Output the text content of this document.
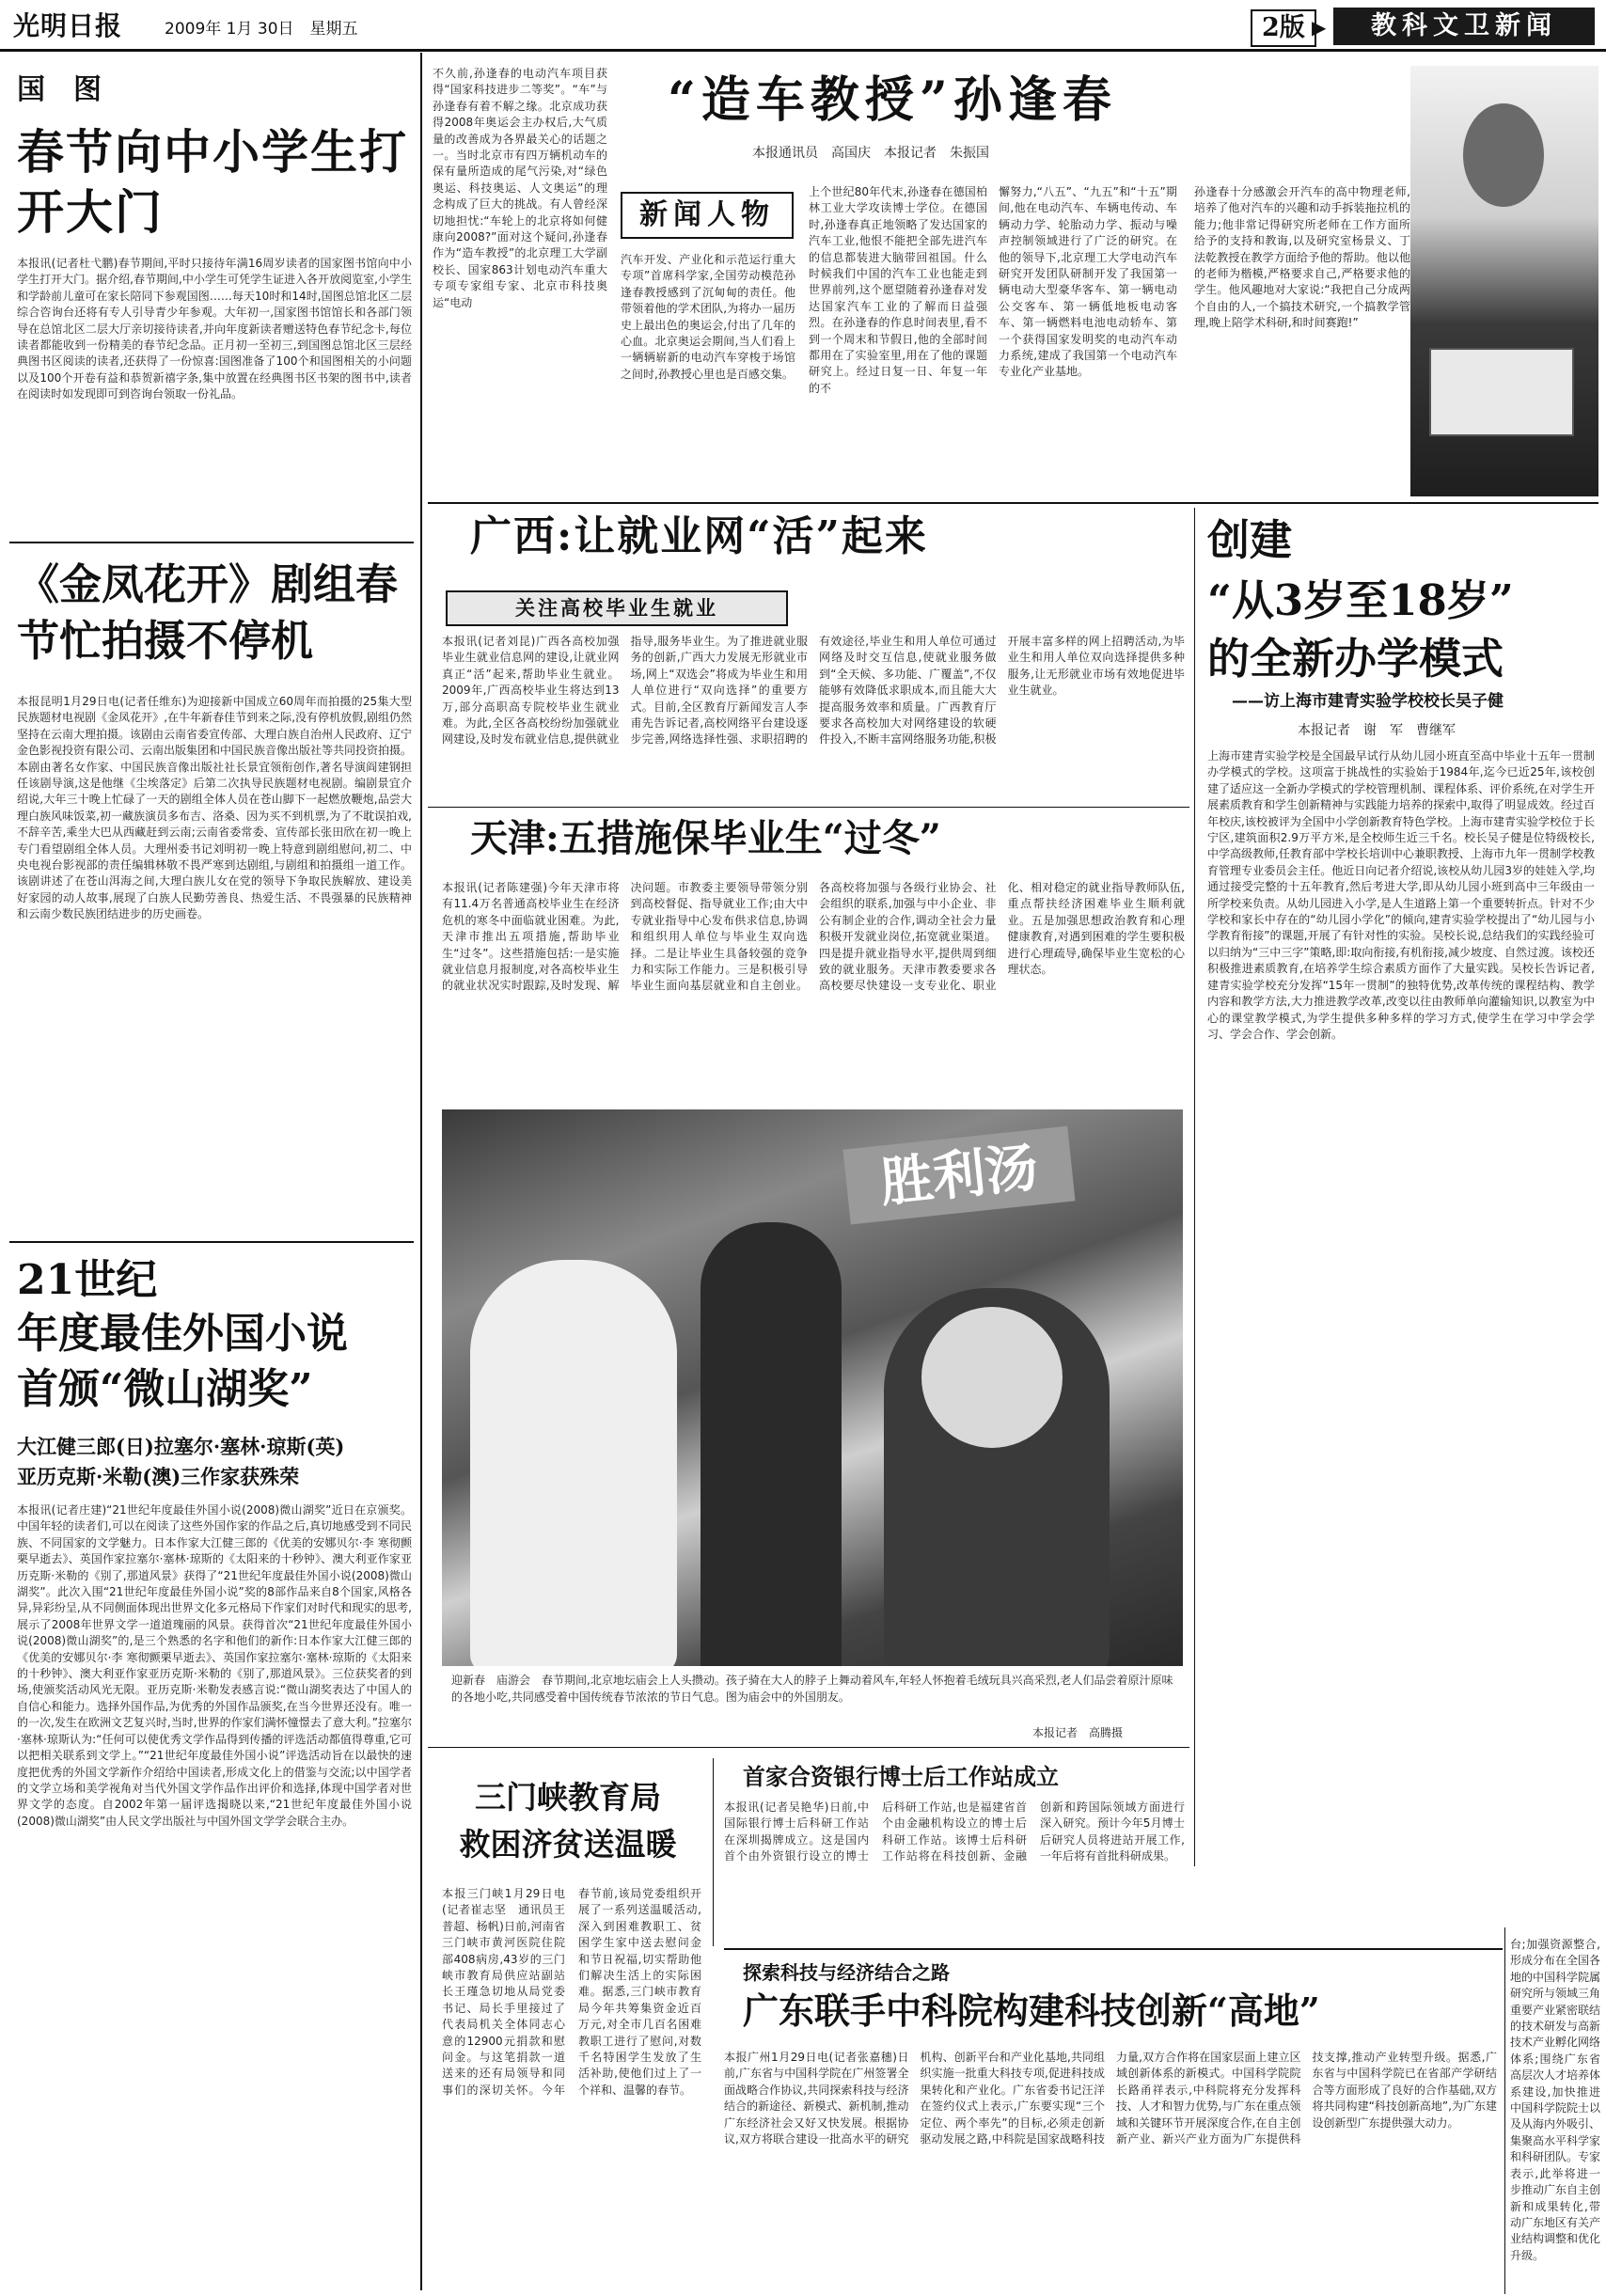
光明日报	2009年 1月 30日　星期五	2版 ▶	教科文卫新闻
国　图
春节向中小学生打开大门
本报讯(记者杜弋鹏)春节期间,平时只接待年满16周岁读者的国家图书馆向中小学生打开大门。据介绍,春节期间,中小学生可凭学生证进入各开放阅览室,小学生和学龄前儿童可在家长陪同下参观国图……每天10时和14时,国图总馆北区二层综合咨询台还将有专人引导青少年参观。大年初一,国家图书馆馆长和各部门领导在总馆北区二层大厅亲切接待读者,并向年度新读者赠送特色春节纪念卡,每位读者都能收到一份精美的春节纪念品。正月初一至初三,到国图总馆北区三层经典图书区阅读的读者,还获得了一份惊喜:国图准备了100个和国图相关的小问题以及100个开卷有益和恭贺新禧字条,集中放置在经典图书区书架的图书中,读者在阅读时如发现即可到咨询台领取一份礼品。
《金凤花开》剧组春节忙拍摄不停机
本报昆明1月29日电(记者任维东)为迎接新中国成立60周年而拍摄的25集大型民族题材电视剧《金凤花开》,在牛年新春佳节到来之际,没有停机放假,剧组仍然坚持在云南大理拍摄。该剧由云南省委宣传部、大理白族自治州人民政府、辽宁金色影视投资有限公司、云南出版集团和中国民族音像出版社等共同投资拍摄。本剧由著名女作家、中国民族音像出版社社长景宜领衔创作,著名导演阎建钢担任该剧导演,这是他继《尘埃落定》后第二次执导民族题材电视剧。编剧景宜介绍说,大年三十晚上忙碌了一天的剧组全体人员在苍山脚下一起燃放鞭炮,品尝大理白族风味饭菜,初一藏族演员多布吉、洛桑、因为买不到机票,为了不耽误拍戏,不辞辛苦,乘坐大巴从西藏赶到云南;云南省委常委、宣传部长张田欣在初一晚上专门看望剧组全体人员。大理州委书记刘明初一晚上特意到剧组慰问,初二、中央电视台影视部的责任编辑林敬不畏严寒到达剧组,与剧组和拍摄组一道工作。该剧讲述了在苍山洱海之间,大理白族儿女在党的领导下争取民族解放、建设美好家园的动人故事,展现了白族人民勤劳善良、热爱生活、不畏强暴的民族精神和云南少数民族团结进步的历史画卷。
21世纪
年度最佳外国小说
首颁“微山湖奖”
大江健三郎(日)拉塞尔·塞林·琼斯(英)
亚历克斯·米勒(澳)三作家获殊荣
本报讯(记者庄建)“21世纪年度最佳外国小说(2008)微山湖奖”近日在京颁奖。中国年轻的读者们,可以在阅读了这些外国作家的作品之后,真切地感受到不同民族、不同国家的文学魅力。日本作家大江健三郎的《优美的安娜贝尔·李 寒彻颤栗早逝去》、英国作家拉塞尔·塞林·琼斯的《太阳来的十秒钟》、澳大利亚作家亚历克斯·米勒的《别了,那道风景》获得了“21世纪年度最佳外国小说(2008)微山湖奖”。此次入围“21世纪年度最佳外国小说”奖的8部作品来自8个国家,风格各异,异彩纷呈,从不同侧面体现出世界文化多元格局下作家们对时代和现实的思考,展示了2008年世界文学一道道瑰丽的风景。获得首次“21世纪年度最佳外国小说(2008)微山湖奖”的,是三个熟悉的名字和他们的新作:日本作家大江健三郎的《优美的安娜贝尔·李 寒彻颤栗早逝去》、英国作家拉塞尔·塞林·琼斯的《太阳来的十秒钟》、澳大利亚作家亚历克斯·米勒的《别了,那道风景》。三位获奖者的到场,使颁奖活动风光无限。亚历克斯·米勒发表感言说:“微山湖奖表达了中国人的自信心和能力。选择外国作品,为优秀的外国作品颁奖,在当今世界还没有。唯一的一次,发生在欧洲文艺复兴时,当时,世界的作家们满怀憧憬去了意大利。”拉塞尔·塞林·琼斯认为:“任何可以使优秀文学作品得到传播的评选活动都值得尊重,它可以把相关联系到文学上。”“21世纪年度最佳外国小说”评选活动旨在以最快的速度把优秀的外国文学新作介绍给中国读者,形成文化上的借鉴与交流;以中国学者的文学立场和美学视角对当代外国文学作品作出评价和选择,体现中国学者对世界文学的态度。自2002年第一届评选揭晓以来,“21世纪年度最佳外国小说(2008)微山湖奖”由人民文学出版社与中国外国文学学会联合主办。
不久前,孙逢春的电动汽车项目获得“国家科技进步二等奖”。“车”与孙逢春有着不解之缘。北京成功获得2008年奥运会主办权后,大气质量的改善成为各界最关心的话题之一。当时北京市有四万辆机动车的保有量所造成的尾气污染,对“绿色奥运、科技奥运、人文奥运”的理念构成了巨大的挑战。有人曾经深切地担忧:“车轮上的北京将如何健康向2008?”面对这个疑问,孙逢春作为“造车教授”的北京理工大学副校长、国家863计划电动汽车重大专项专家组专家、北京市科技奥运“电动
“造车教授”孙逢春
本报通讯员　高国庆　本报记者　朱振国
新闻人物
汽车开发、产业化和示范运行重大专项”首席科学家,全国劳动模范孙逢春教授感到了沉甸甸的责任。他带领着他的学术团队,为将办一届历史上最出色的奥运会,付出了几年的心血。北京奥运会期间,当人们看上一辆辆崭新的电动汽车穿梭于场馆之间时,孙教授心里也是百感交集。
上个世纪80年代末,孙逢春在德国柏林工业大学攻读博士学位。在德国时,孙逢春真正地领略了发达国家的汽车工业,他恨不能把全部先进汽车的信息都装进大脑带回祖国。什么时候我们中国的汽车工业也能走到世界前列,这个愿望随着孙逢春对发达国家汽车工业的了解而日益强烈。在孙逢春的作息时间表里,看不到一个周末和节假日,他的全部时间都用在了实验室里,用在了他的课题研究上。经过日复一日、年复一年的不
懈努力,“八五”、“九五”和“十五”期间,他在电动汽车、车辆电传动、车辆动力学、轮胎动力学、振动与噪声控制领域进行了广泛的研究。在他的领导下,北京理工大学电动汽车研究开发团队研制开发了我国第一辆电动大型豪华客车、第一辆电动公交客车、第一辆低地板电动客车、第一辆燃料电池电动轿车、第一个获得国家发明奖的电动汽车动力系统,建成了我国第一个电动汽车专业化产业基地。
孙逢春十分感激会开汽车的高中物理老师,培养了他对汽车的兴趣和动手拆装拖拉机的能力;他非常记得研究所老师在工作方面所给予的支持和教诲,以及研究室杨景义、丁法乾教授在教学方面给予他的帮助。他以他的老师为楷模,严格要求自己,严格要求他的学生。他风趣地对大家说:“我把自己分成两个自由的人,一个搞技术研究,一个搞教学管理,晚上陪学术科研,和时间赛跑!”
广西:让就业网“活”起来
关注高校毕业生就业
本报讯(记者刘昆)广西各高校加强毕业生就业信息网的建设,让就业网真正“活”起来,帮助毕业生就业。2009年,广西高校毕业生将达到13万,部分高职高专院校毕业生就业难。为此,全区各高校纷纷加强就业网建设,及时发布就业信息,提供就业指导,服务毕业生。为了推进就业服务的创新,广西大力发展无形就业市场,网上“双选会”将成为毕业生和用人单位进行“双向选择”的重要方式。目前,全区教育厅新闻发言人李甫先告诉记者,高校网络平台建设逐步完善,网络选择性强、求职招聘的有效途径,毕业生和用人单位可通过网络及时交互信息,使就业服务做到“全天候、多功能、广覆盖”,不仅能够有效降低求职成本,而且能大大提高服务效率和质量。广西教育厅要求各高校加大对网络建设的软硬件投入,不断丰富网络服务功能,积极开展丰富多样的网上招聘活动,为毕业生和用人单位双向选择提供多种服务,让无形就业市场有效地促进毕业生就业。
创建
“从3岁至18岁”
的全新办学模式
——访上海市建青实验学校校长吴子健
本报记者　谢　军　曹继军
上海市建青实验学校是全国最早试行从幼儿园小班直至高中毕业十五年一贯制办学模式的学校。这项富于挑战性的实验始于1984年,迄今已近25年,该校创建了适应这一全新办学模式的学校管理机制、课程体系、评价系统,在对学生开展素质教育和学生创新精神与实践能力培养的探索中,取得了明显成效。经过百年校庆,该校被评为全国中小学创新教育特色学校。上海市建青实验学校位于长宁区,建筑面积2.9万平方米,是全校师生近三千名。校长吴子健是位特级校长,中学高级教师,任教育部中学校长培训中心兼职教授、上海市九年一贯制学校教育管理专业委员会主任。他近日向记者介绍说,该校从幼儿园3岁的娃娃入学,均通过接受完整的十五年教育,然后考进大学,即从幼儿园小班到高中三年级由一所学校来负责。从幼儿园进入小学,是人生道路上第一个重要转折点。针对不少学校和家长中存在的“幼儿园小学化”的倾向,建青实验学校提出了“幼儿园与小学教育衔接”的课题,开展了有针对性的实验。吴校长说,总结我们的实践经验可以归纳为“三中三字”策略,即:取向衔接,有机衔接,减少坡度、自然过渡。该校还积极推进素质教育,在培养学生综合素质方面作了大量实践。吴校长告诉记者,建青实验学校充分发挥“15年一贯制”的独特优势,改革传统的课程结构、教学内容和教学方法,大力推进教学改革,改变以往由教师单向灌输知识,以教室为中心的课堂教学模式,为学生提供多种多样的学习方式,使学生在学习中学会学习、学会合作、学会创新。
天津:五措施保毕业生“过冬”
本报讯(记者陈建强)今年天津市将有11.4万名普通高校毕业生在经济危机的寒冬中面临就业困难。为此,天津市推出五项措施,帮助毕业生“过冬”。这些措施包括:一是实施就业信息月报制度,对各高校毕业生的就业状况实时跟踪,及时发现、解决问题。市教委主要领导带领分别到高校督促、指导就业工作;由大中专就业指导中心发布供求信息,协调和组织用人单位与毕业生双向选择。二是让毕业生具备较强的竞争力和实际工作能力。三是积极引导毕业生面向基层就业和自主创业。各高校将加强与各级行业协会、社会组织的联系,加强与中小企业、非公有制企业的合作,调动全社会力量积极开发就业岗位,拓宽就业渠道。四是提升就业指导水平,提供周到细致的就业服务。天津市教委要求各高校要尽快建设一支专业化、职业化、相对稳定的就业指导教师队伍,重点帮扶经济困难毕业生顺利就业。五是加强思想政治教育和心理健康教育,对遇到困难的学生要积极进行心理疏导,确保毕业生宽松的心理状态。
胜利汤
迎新春　庙游会　春节期间,北京地坛庙会上人头攒动。孩子骑在大人的脖子上舞动着风车,年轻人怀抱着毛绒玩具兴高采烈,老人们品尝着原汁原味的各地小吃,共同感受着中国传统春节浓浓的节日气息。图为庙会中的外国朋友。
本报记者　高腾摄
三门峡教育局
救困济贫送温暖
本报三门峡1月29日电(记者崔志坚　通讯员王普超、杨帆)日前,河南省三门峡市黄河医院住院部408病房,43岁的三门峡市教育局供应站副站长王瑾急切地从局党委书记、局长手里接过了代表局机关全体同志心意的12900元捐款和慰问金。与这笔捐款一道送来的还有局领导和同事们的深切关怀。今年春节前,该局党委组织开展了一系列送温暖活动,深入到困难教职工、贫困学生家中送去慰问金和节日祝福,切实帮助他们解决生活上的实际困难。据悉,三门峡市教育局今年共筹集资金近百万元,对全市几百名困难教职工进行了慰问,对数千名特困学生发放了生活补助,使他们过上了一个祥和、温馨的春节。
首家合资银行博士后工作站成立
本报讯(记者吴艳华)日前,中国际银行博士后科研工作站在深圳揭牌成立。这是国内首个由外资银行设立的博士后科研工作站,也是福建省首个由金融机构设立的博士后科研工作站。该博士后科研工作站将在科技创新、金融创新和跨国际领域方面进行深入研究。预计今年5月博士后研究人员将进站开展工作,一年后将有首批科研成果。
探索科技与经济结合之路
广东联手中科院构建科技创新“高地”
本报广州1月29日电(记者张嘉穗)日前,广东省与中国科学院在广州签署全面战略合作协议,共同探索科技与经济结合的新途径、新模式、新机制,推动广东经济社会又好又快发展。根据协议,双方将联合建设一批高水平的研究机构、创新平台和产业化基地,共同组织实施一批重大科技专项,促进科技成果转化和产业化。广东省委书记汪洋在签约仪式上表示,广东要实现“三个定位、两个率先”的目标,必须走创新驱动发展之路,中科院是国家战略科技力量,双方合作将在国家层面上建立区域创新体系的新模式。中国科学院院长路甬祥表示,中科院将充分发挥科技、人才和智力优势,与广东在重点领域和关键环节开展深度合作,在自主创新产业、新兴产业方面为广东提供科技支撑,推动产业转型升级。据悉,广东省与中国科学院已在省部产学研结合等方面形成了良好的合作基础,双方将共同构建“科技创新高地”,为广东建设创新型广东提供强大动力。
台;加强资源整合,形成分布在全国各地的中国科学院属研究所与领域三角重要产业紧密联结的技术研发与高新技术产业孵化网络体系;围绕广东省高层次人才培养体系建设,加快推进中国科学院院士以及从海内外吸引、集聚高水平科学家和科研团队。专家表示,此举将进一步推动广东自主创新和成果转化,带动广东地区有关产业结构调整和优化升级。
